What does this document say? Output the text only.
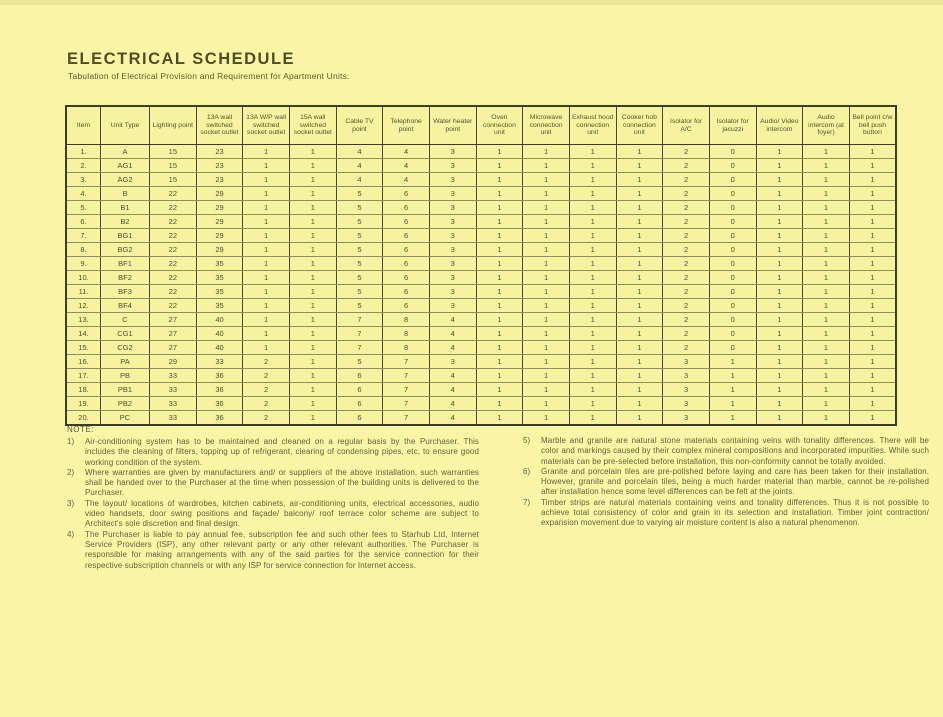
ELECTRICAL SCHEDULE
Tabulation of Electrical Provision and Requirement for Apartment Units:
Item	Unit Type	Lighting point	13A wall switched socket outlet	13A W/P wall switched socket outlet	15A wall switched socket outlet	Cable TV point	Telephone point	Water heater point	Oven connection unit	Microwave connection unit	Exhaust hood connection unit	Cooker hob connection unit	Isolator for A/C	Isolator for jacuzzi	Audio/ Video intercom	Audio intercom (at foyer)	Bell point c/w bell push button
1.	A	15	23	1	1	4	4	3	1	1	1	1	2	0	1	1	1
2.	AG1	15	23	1	1	4	4	3	1	1	1	1	2	0	1	1	1
3.	AG2	15	23	1	1	4	4	3	1	1	1	1	2	0	1	1	1
4.	B	22	29	1	1	5	6	3	1	1	1	1	2	0	1	1	1
5.	B1	22	29	1	1	5	6	3	1	1	1	1	2	0	1	1	1
6.	B2	22	29	1	1	5	6	3	1	1	1	1	2	0	1	1	1
7.	BG1	22	29	1	1	5	6	3	1	1	1	1	2	0	1	1	1
8.	BG2	22	29	1	1	5	6	3	1	1	1	1	2	0	1	1	1
9.	BF1	22	35	1	1	5	6	3	1	1	1	1	2	0	1	1	1
10.	BF2	22	35	1	1	5	6	3	1	1	1	1	2	0	1	1	1
11.	BF3	22	35	1	1	5	6	3	1	1	1	1	2	0	1	1	1
12.	BF4	22	35	1	1	5	6	3	1	1	1	1	2	0	1	1	1
13.	C	27	40	1	1	7	8	4	1	1	1	1	2	0	1	1	1
14.	CG1	27	40	1	1	7	8	4	1	1	1	1	2	0	1	1	1
15.	CG2	27	40	1	1	7	8	4	1	1	1	1	2	0	1	1	1
16.	PA	29	33	2	1	5	7	3	1	1	1	1	3	1	1	1	1
17.	PB	33	36	2	1	6	7	4	1	1	1	1	3	1	1	1	1
18.	PB1	33	36	2	1	6	7	4	1	1	1	1	3	1	1	1	1
19.	PB2	33	36	2	1	6	7	4	1	1	1	1	3	1	1	1	1
20.	PC	33	36	2	1	6	7	4	1	1	1	1	3	1	1	1	1
NOTE:
1)	Air-conditioning system has to be maintained and cleaned on a regular basis by the Purchaser. This includes the cleaning of filters, topping up of refrigerant, clearing of condensing pipes, etc, to ensure good working condition of the system.
2)	Where warranties are given by manufacturers and/ or suppliers of the above installation, such warranties shall be handed over to the Purchaser at the time when possession of the building units is delivered to the Purchaser.
3)	The layout/ locations of wardrobes, kitchen cabinets, air-conditioning units, electrical accessories, audio video handsets, door swing positions and façade/ balcony/ roof terrace color scheme are subject to Architect's sole discretion and final design.
4)	The Purchaser is liable to pay annual fee, subscription fee and such other fees to Starhub Ltd, Internet Service Providers (ISP), any other relevant party or any other relevant authorities. The Purchaser is responsible for making arrangements with any of the said parties for the service connection for their respective subscription channels or with any ISP for service connection for Internet access.
5)	Marble and granite are natural stone materials containing veins with tonality differences. There will be color and markings caused by their complex mineral compositions and incorporated impurities. While such materials can be pre-selected before installation, this non-conformity cannot be totally avoided.
6)	Granite and porcelain tiles are pre-polished before laying and care has been taken for their installation. However, granite and porcelain tiles, being a much harder material than marble, cannot be re-polished after installation hence some level differences can be felt at the joints.
7)	Timber strips are natural materials containing veins and tonality differences. Thus it is not possible to achieve total consistency of color and grain in its selection and installation. Timber joint contraction/ expansion movement due to varying air moisture content is also a natural phenomenon.
